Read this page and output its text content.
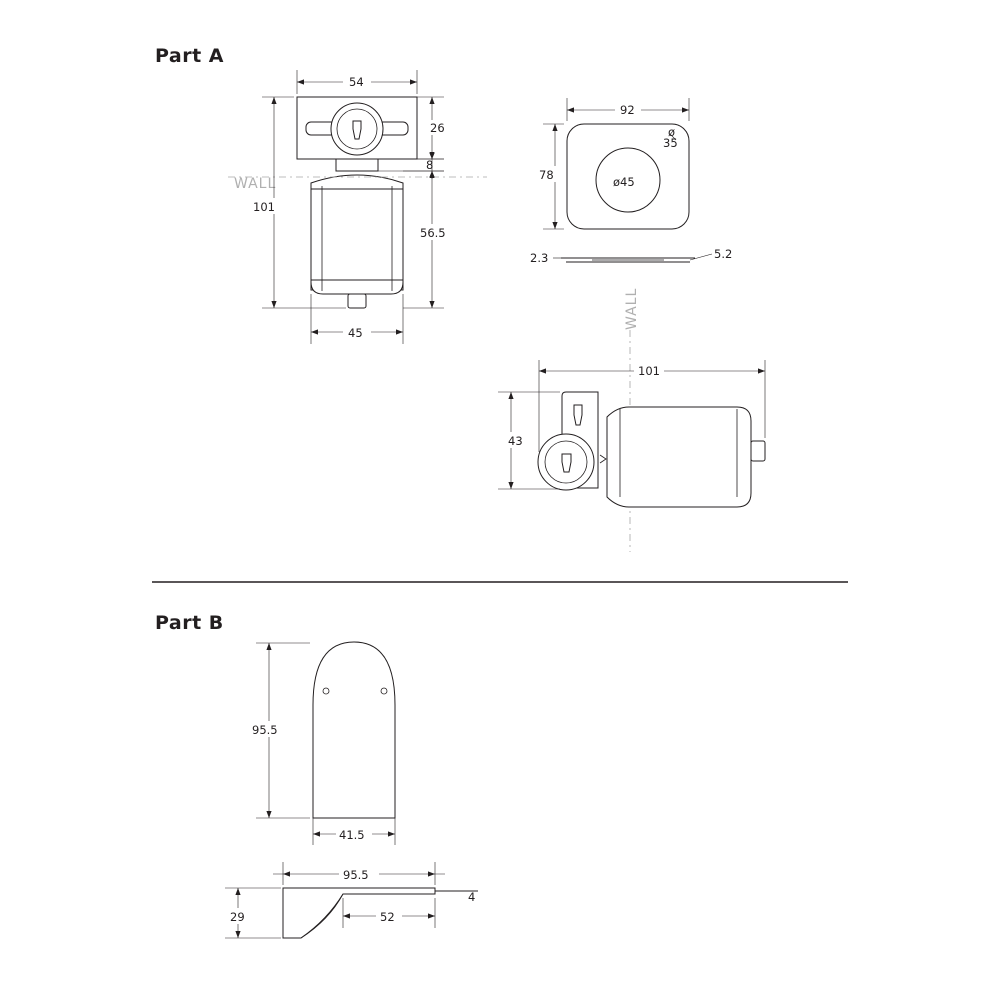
Part A
Part B
WALL
54
26
8
101
56.5
45
92
78
ø
35
ø45
2.3	5.2
WALL
101
43
95.5
41.5
95.5
4
29	52
